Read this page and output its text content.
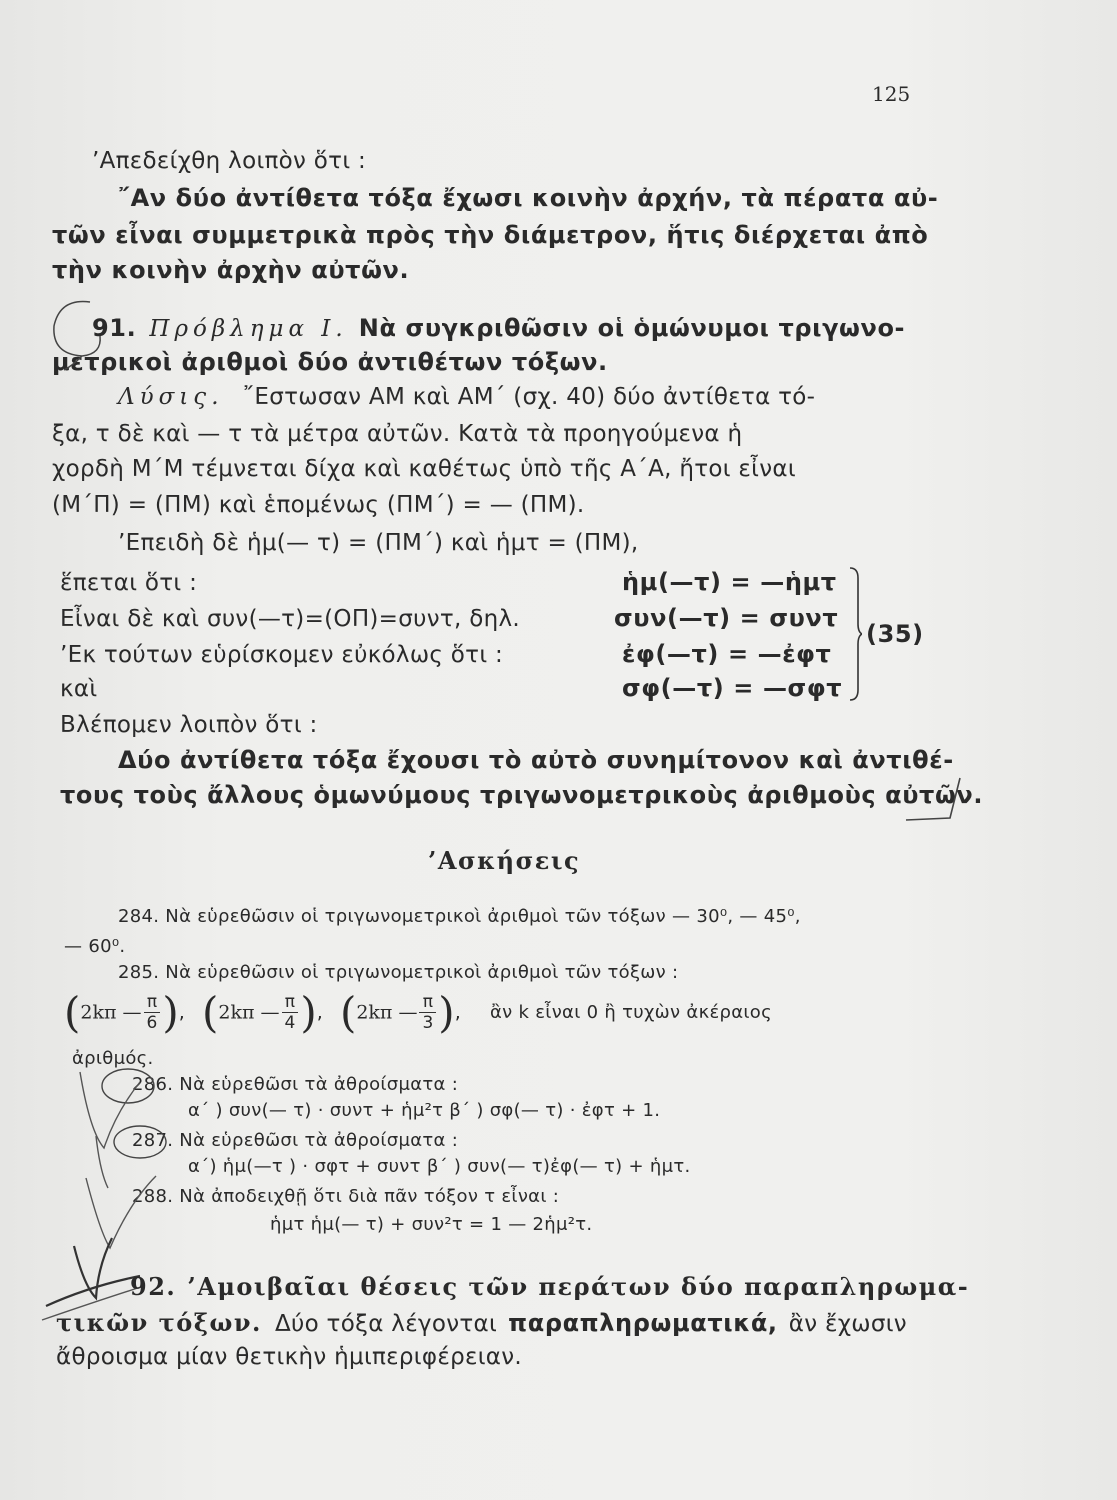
125
’Απεδείχθη λοιπὸν ὅτι :
῎Αν δύο ἀντίθετα τόξα ἔχωσι κοινὴν ἀρχήν, τὰ πέρατα αὐ-
τῶν εἶναι συμμετρικὰ πρὸς τὴν διάμετρον, ἥτις διέρχεται ἀπὸ
τὴν κοινὴν ἀρχὴν αὐτῶν.
91. Πρόβλημα Ι. Νὰ συγκριθῶσιν οἱ ὁμώνυμοι τριγωνο-
μετρικοὶ ἀριθμοὶ δύο ἀντιθέτων τόξων.
Λύσις. ῎Εστωσαν ΑΜ καὶ ΑΜ΄ (σχ. 40) δύο ἀντίθετα τό-
ξα, τ δὲ καὶ — τ τὰ μέτρα αὐτῶν. Κατὰ τὰ προηγούμενα ἡ
χορδὴ Μ΄Μ τέμνεται δίχα καὶ καθέτως ὑπὸ τῆς Α΄Α, ἤτοι εἶναι
(Μ΄Π) = (ΠΜ) καὶ ἑπομένως (ΠΜ΄) = — (ΠΜ).
’Επειδὴ δὲ ἡμ(— τ) = (ΠΜ΄) καὶ ἡμτ = (ΠΜ),
ἕπεται ὅτι :
Εἶναι δὲ καὶ συν(—τ)=(ΟΠ)=συντ, δηλ.
’Εκ τούτων εὑρίσκομεν εὐκόλως ὅτι :
καὶ
ἡμ(—τ) = —ἡμτ
συν(—τ) = συντ
ἐφ(—τ) = —ἐφτ
σφ(—τ) = —σφτ
(35)
Βλέπομεν λοιπὸν ὅτι :
Δύο ἀντίθετα τόξα ἔχουσι τὸ αὐτὸ συνημίτονον καὶ ἀντιθέ-
τους τοὺς ἄλλους ὁμωνύμους τριγωνομετρικοὺς ἀριθμοὺς αὐτῶν.
’Ασκήσεις
284. Νὰ εὑρεθῶσιν οἱ τριγωνομετρικοὶ ἀριθμοὶ τῶν τόξων — 30⁰, — 45⁰,
— 60⁰.
285. Νὰ εὑρεθῶσιν οἱ τριγωνομετρικοὶ ἀριθμοὶ τῶν τόξων :
(2kπ — $\frac{\pi}{6}$ ),   (2kπ — $\frac{\pi}{4}$ ),   (2kπ — $\frac{\pi}{3}$ ),     ἂν k εἶναι 0 ἢ τυχὼν ἀκέραιος
ἀριθμός.
286. Νὰ εὑρεθῶσι τὰ ἀθροίσματα :
α΄ ) συν(— τ) · συντ + ἡμ²τ β΄ ) σφ(— τ) · ἐφτ + 1.
287. Νὰ εὑρεθῶσι τὰ ἀθροίσματα :
α΄) ἡμ(—τ ) · σφτ + συντ β΄ ) συν(— τ)ἐφ(— τ) + ἡμτ.
288. Νὰ ἀποδειχθῇ ὅτι διὰ πᾶν τόξον τ εἶναι :
ἡμτ ἡμ(— τ) + συν²τ = 1 — 2ἡμ²τ.
92. ’Αμοιβαῖαι θέσεις τῶν περάτων δύο παραπληρωμα-
τικῶν τόξων. Δύο τόξα λέγονται παραπληρωματικά, ἂν ἔχωσιν
ἄθροισμα μίαν θετικὴν ἡμιπεριφέρειαν.
